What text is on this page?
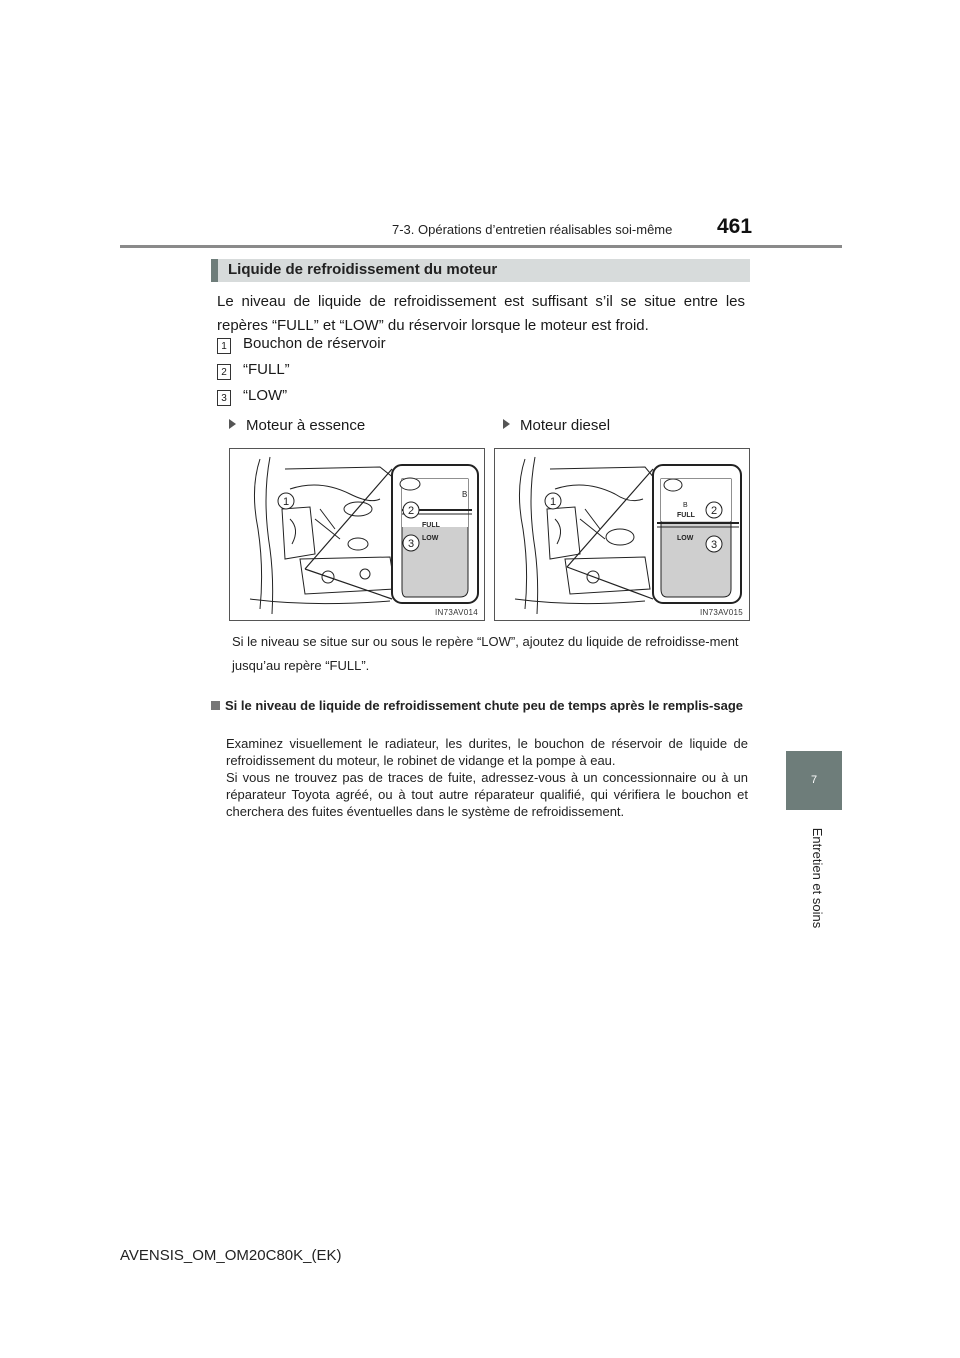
7-3. Opérations d’entretien réalisables soi-même 461
7
Entretien et soins
Liquide de refroidissement du moteur
Le niveau de liquide de refroidissement est suffisant s’il se situe entre les repères “FULL” et “LOW” du réservoir lorsque le moteur est froid.
1 Bouchon de réservoir
2 “FULL”
3 “LOW”
Moteur à essence	Moteur diesel
B
FULL
LOW
1
2
3
IN73AV014
B
FULL
LOW
1
2
3
IN73AV015
Si le niveau se situe sur ou sous le repère “LOW”, ajoutez du liquide de refroidisse-ment jusqu’au repère “FULL”.
Si le niveau de liquide de refroidissement chute peu de temps après le remplis-sage
Examinez visuellement le radiateur, les durites, le bouchon de réservoir de liquide de refroidissement du moteur, le robinet de vidange et la pompe à eau.
Si vous ne trouvez pas de traces de fuite, adressez-vous à un concessionnaire ou à un réparateur Toyota agréé, ou à tout autre réparateur qualifié, qui vérifiera le bouchon et cherchera des fuites éventuelles dans le système de refroidissement.
AVENSIS_OM_OM20C80K_(EK)
